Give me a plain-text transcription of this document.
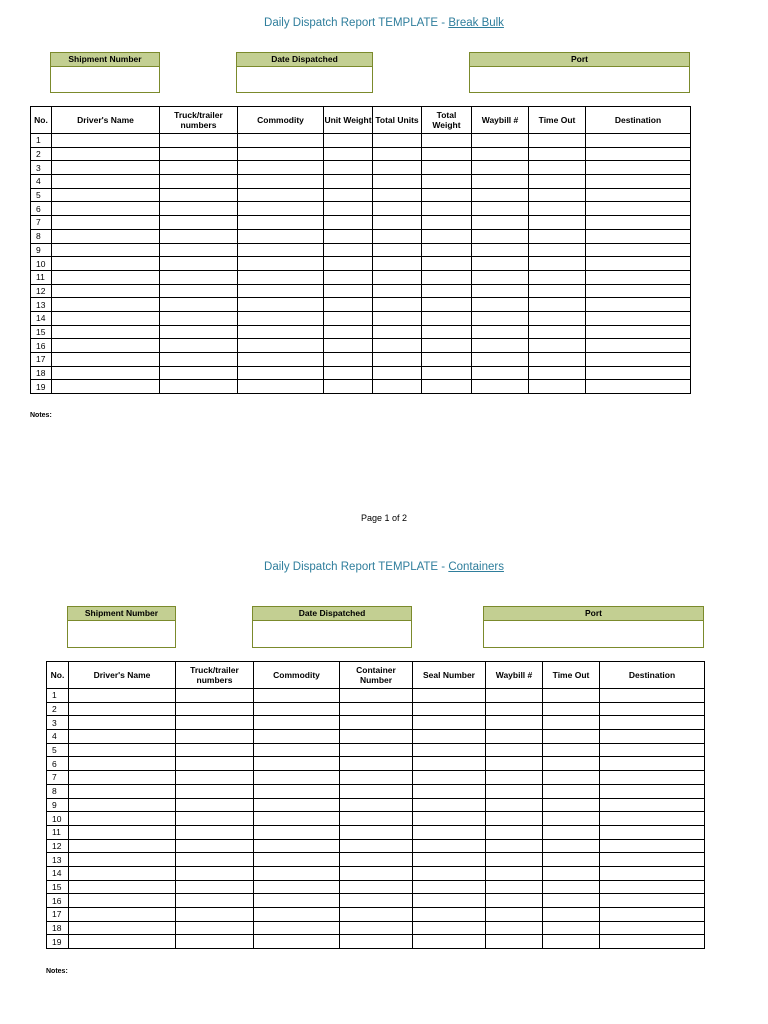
Daily Dispatch Report TEMPLATE - Break Bulk
Shipment Number	Date Dispatched	Port
No.	Driver's Name	Truck/trailer numbers	Commodity	Unit Weight	Total Units	Total Weight	Waybill #	Time Out	Destination
1									
2									
3									
4									
5									
6									
7									
8									
9									
10									
11									
12									
13									
14									
15									
16									
17									
18									
19									
Notes:
Page 1 of 2
Daily Dispatch Report TEMPLATE - Containers
Shipment Number	Date Dispatched	Port
No.	Driver's Name	Truck/trailer numbers	Commodity	Container Number	Seal Number	Waybill #	Time Out	Destination
1								
2								
3								
4								
5								
6								
7								
8								
9								
10								
11								
12								
13								
14								
15								
16								
17								
18								
19								
Notes:
